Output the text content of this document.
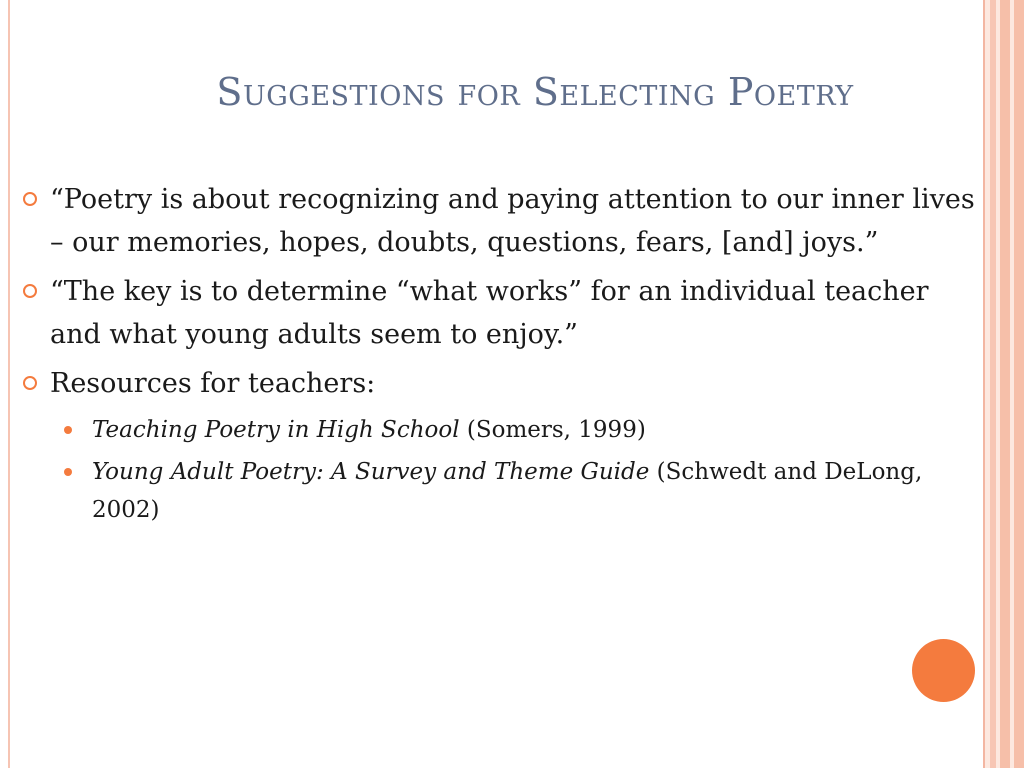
Suggestions for Selecting Poetry
“Poetry is about recognizing and paying attention to our inner lives – our memories, hopes, doubts, questions, fears, [and] joys.”
“The key is to determine “what works” for an individual teacher and what young adults seem to enjoy.”
Resources for teachers:
Teaching Poetry in High School (Somers, 1999)
Young Adult Poetry: A Survey and Theme Guide (Schwedt and DeLong, 2002)
